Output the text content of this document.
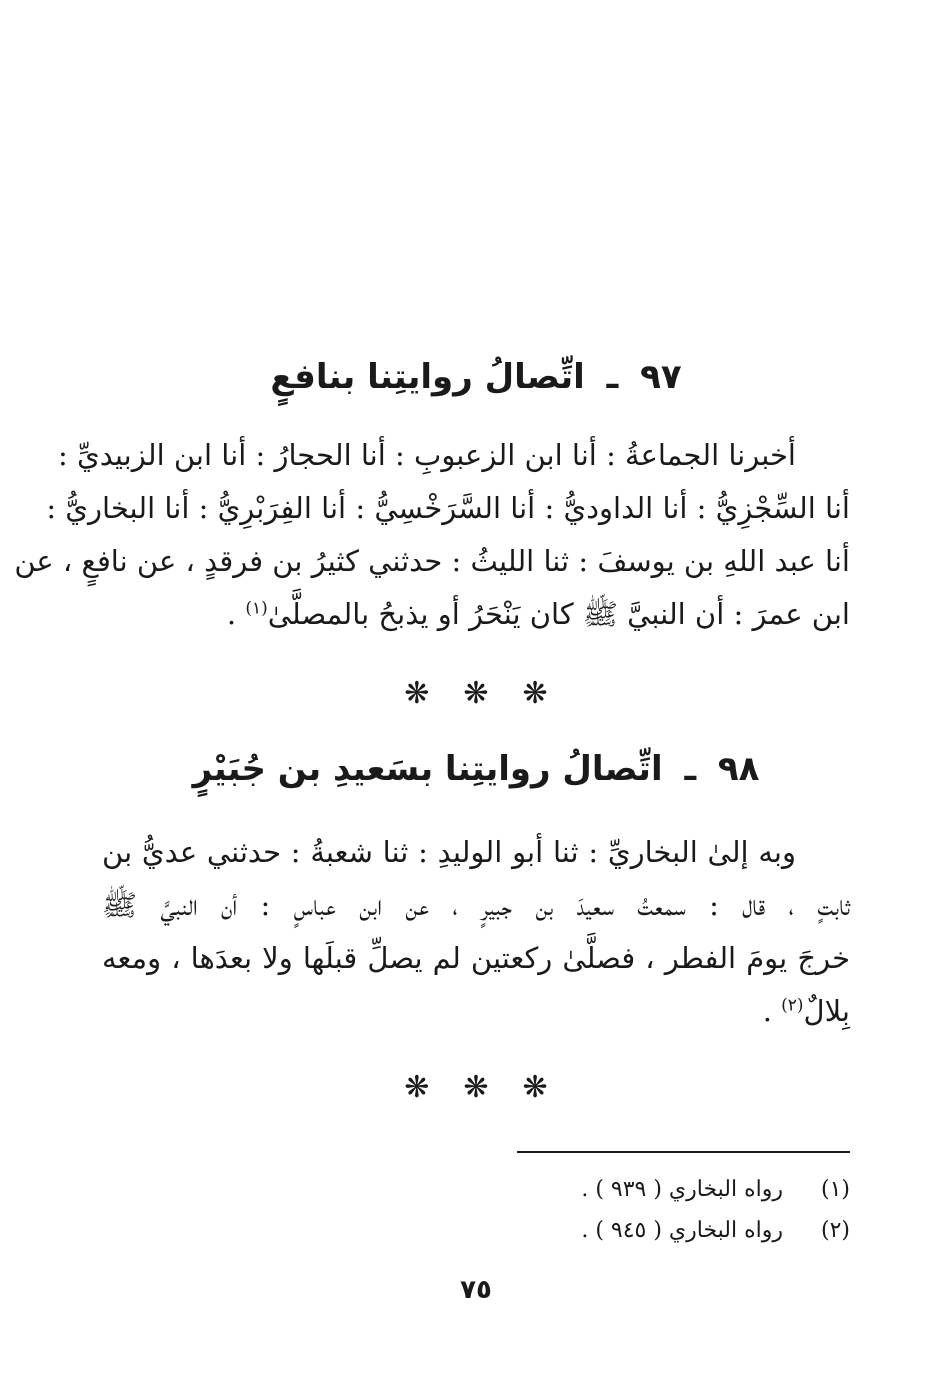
٩٧ ـ اتِّصالُ روايتِنا بنافعٍ
أخبرنا الجماعةُ : أنا ابن الزعبوبِ : أنا الحجارُ : أنا ابن الزبيديِّ :
أنا السِّجْزِيُّ : أنا الداوديُّ : أنا السَّرَخْسِيُّ : أنا الفِرَبْرِيُّ : أنا البخاريُّ :
أنا عبد اللهِ بن يوسفَ : ثنا الليثُ : حدثني كثيرُ بن فرقدٍ ، عن نافعٍ ، عن
ابن عمرَ : أن النبيَّ ﷺ كان يَنْحَرُ أو يذبحُ بالمصلَّىٰ$^{(١)}$ .
❋❋❋
٩٨ ـ اتِّصالُ روايتِنا بسَعيدِ بن جُبَيْرٍ
وبه إلىٰ البخاريِّ : ثنا أبو الوليدِ : ثنا شعبةُ : حدثني عديُّ بن
ثابتٍ ، قال : سمعتُ سعيدَ بن جبيرٍ ، عن ابن عباسٍ : أن النبيَّ ﷺ
خرجَ يومَ الفطر ، فصلَّىٰ ركعتين لم يصلِّ قبلَها ولا بعدَها ، ومعه
بِلالٌ$^{(٢)}$ .
❋❋❋
(١) رواه البخاري ( ٩٣٩ ) .
(٢) رواه البخاري ( ٩٤٥ ) .
٧٥
